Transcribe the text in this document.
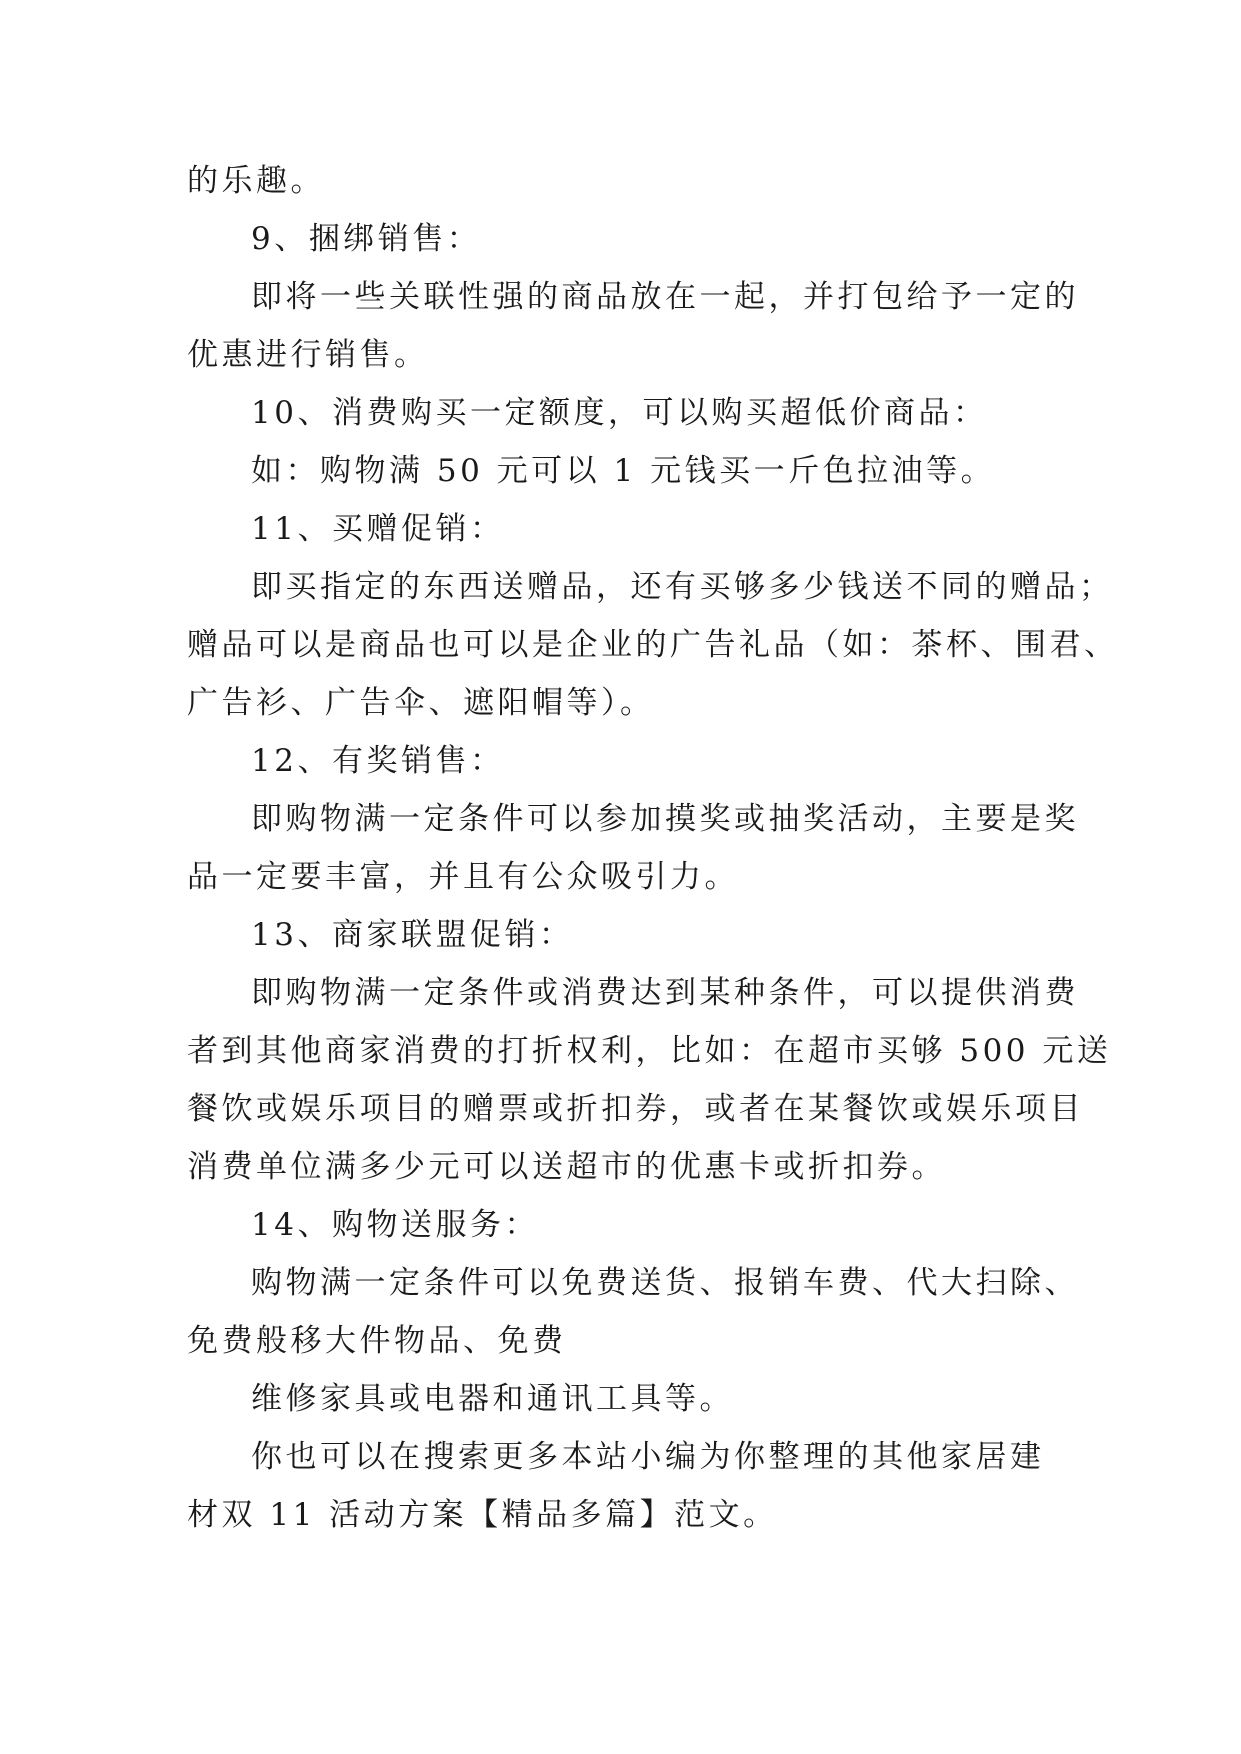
的乐趣。
9、捆绑销售：
即将一些关联性强的商品放在一起，并打包给予一定的
优惠进行销售。
10、消费购买一定额度，可以购买超低价商品：
如：购物满 50 元可以 1 元钱买一斤色拉油等。
11、买赠促销：
即买指定的东西送赠品，还有买够多少钱送不同的赠品；
赠品可以是商品也可以是企业的广告礼品（如：茶杯、围君、
广告衫、广告伞、遮阳帽等）。
12、有奖销售：
即购物满一定条件可以参加摸奖或抽奖活动，主要是奖
品一定要丰富，并且有公众吸引力。
13、商家联盟促销：
即购物满一定条件或消费达到某种条件，可以提供消费
者到其他商家消费的打折权利，比如：在超市买够 500 元送
餐饮或娱乐项目的赠票或折扣券，或者在某餐饮或娱乐项目
消费单位满多少元可以送超市的优惠卡或折扣券。
14、购物送服务：
购物满一定条件可以免费送货、报销车费、代大扫除、
免费般移大件物品、免费
维修家具或电器和通讯工具等。
你也可以在搜索更多本站小编为你整理的其他家居建
材双 11 活动方案【精品多篇】范文。
